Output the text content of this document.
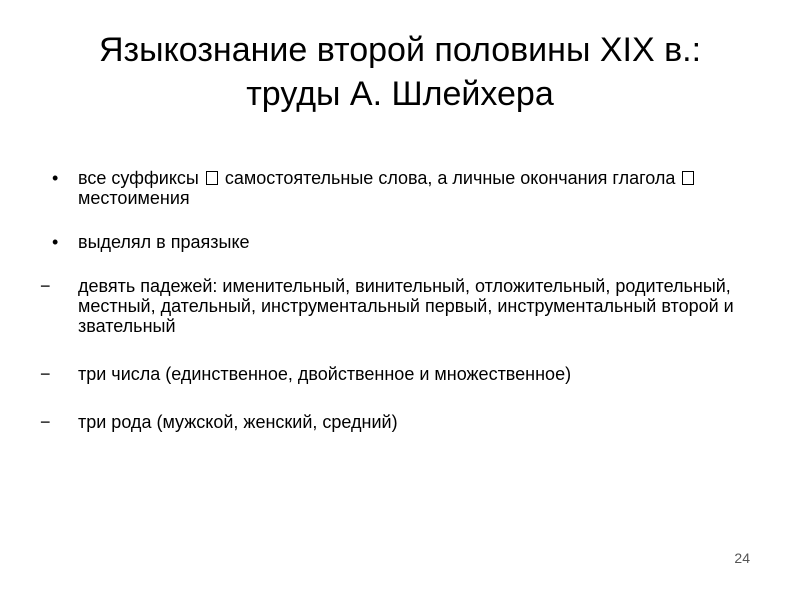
Языкознание второй половины XIX в.:
труды А. Шлейхера
• все суффиксы самостоятельные слова, а личные окончания глагола  местоимения
• выделял в праязыке
− девять падежей: именительный, винительный, отложительный, родительный, местный, дательный, инструментальный первый, инструментальный второй и звательный
− три числа (единственное, двойственное и множественное)
− три рода (мужской, женский, средний)
24
